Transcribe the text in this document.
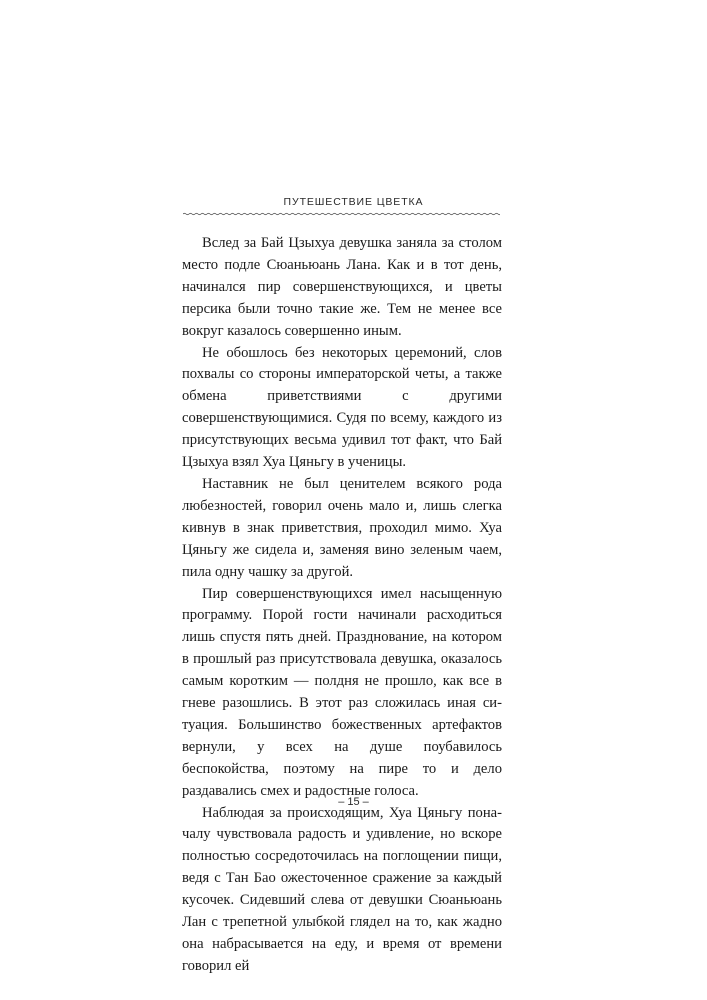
ПУТЕШЕСТВИЕ ЦВЕТКА

Вслед за Бай Цзыхуа девушка заняла за столом место подле Сюаньюань Лана. Как и в тот день, начинался пир совершенствующихся, и цветы персика были точно такие же. Тем не менее все вокруг казалось совершенно иным.

Не обошлось без некоторых церемоний, слов похвалы со стороны императорской четы, а также обмена приветствиями с другими совершенствующимися. Судя по всему, каждого из присутствующих весьма удивил тот факт, что Бай Цзыхуа взял Хуа Цяньгу в ученицы.

Наставник не был ценителем всякого рода любезностей, говорил очень мало и, лишь слегка кивнув в знак приветствия, проходил мимо. Хуа Цяньгу же сидела и, заменяя вино зеленым чаем, пила одну чашку за другой.

Пир совершенствующихся имел насыщенную программу. Порой гости начинали расходиться лишь спустя пять дней. Празднование, на котором в прошлый раз присутствовала девушка, оказалось самым коротким — полдня не прошло, как все в гневе разошлись. В этот раз сложилась иная ситуация. Большинство божественных артефактов вернули, у всех на душе поубавилось беспокойства, поэтому на пире то и дело раздавались смех и радостные голоса.

Наблюдая за происходящим, Хуа Цяньгу поначалу чувствовала радость и удивление, но вскоре полностью сосредоточилась на поглощении пищи, ведя с Тан Бао ожесточенное сражение за каждый кусочек. Сидевший слева от девушки Сюаньюань Лан с трепетной улыбкой глядел на то, как жадно она набрасывается на еду, и время от времени говорил ей

– 15 –
